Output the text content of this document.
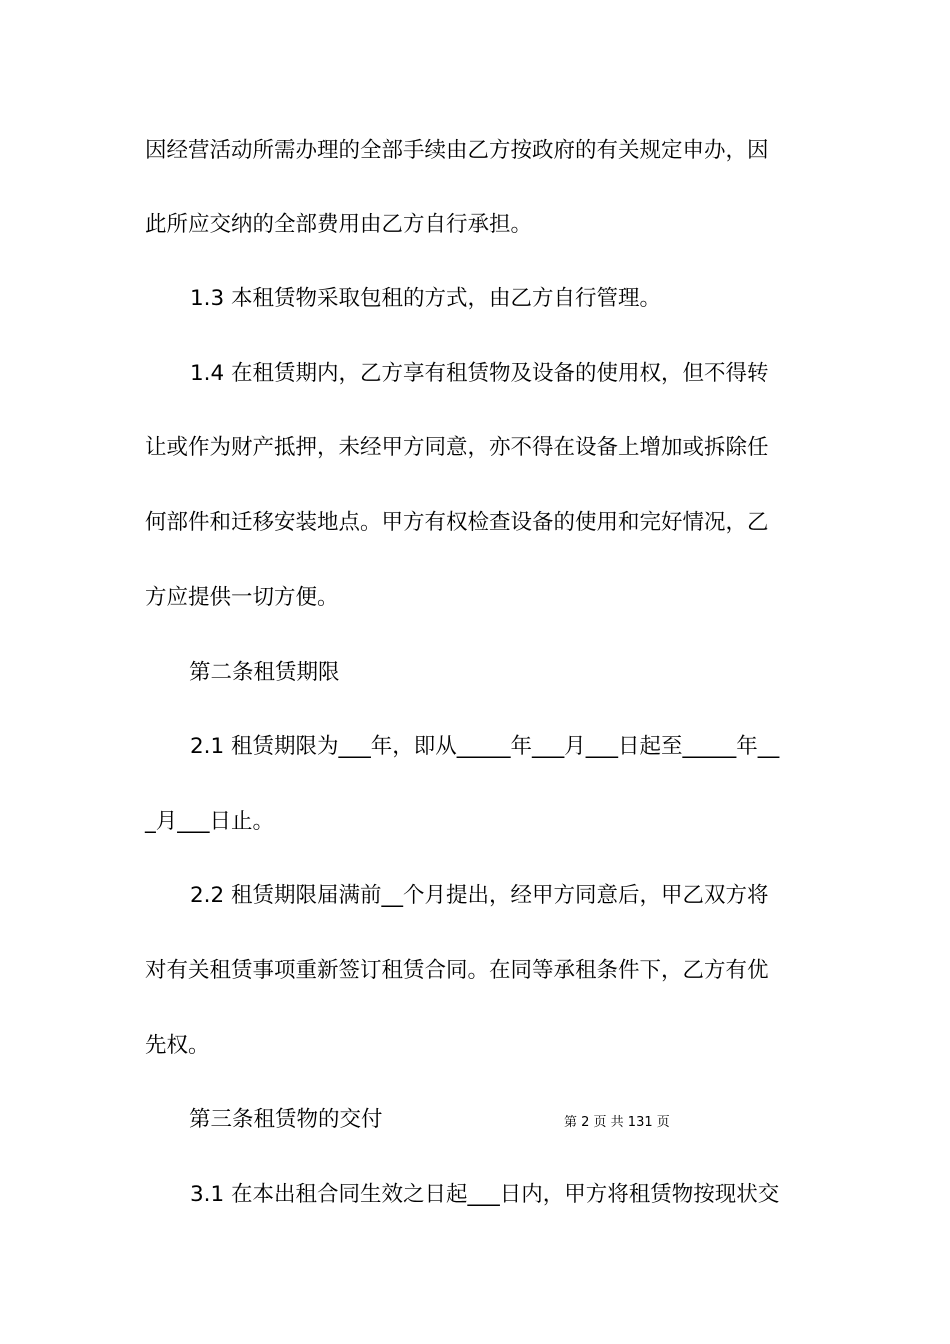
因经营活动所需办理的全部手续由乙方按政府的有关规定申办，因
此所应交纳的全部费用由乙方自行承担。
1.3 本租赁物采取包租的方式，由乙方自行管理。
1.4 在租赁期内，乙方享有租赁物及设备的使用权，但不得转
让或作为财产抵押，未经甲方同意，亦不得在设备上增加或拆除任
何部件和迁移安装地点。甲方有权检查设备的使用和完好情况，乙
方应提供一切方便。
第二条租赁期限
2.1 租赁期限为___年，即从_____年___月___日起至_____年__
_月___日止。
2.2 租赁期限届满前__个月提出，经甲方同意后，甲乙双方将
对有关租赁事项重新签订租赁合同。在同等承租条件下，乙方有优
先权。
第三条租赁物的交付
3.1 在本出租合同生效之日起___日内，甲方将租赁物按现状交
第 2 页 共 131 页
